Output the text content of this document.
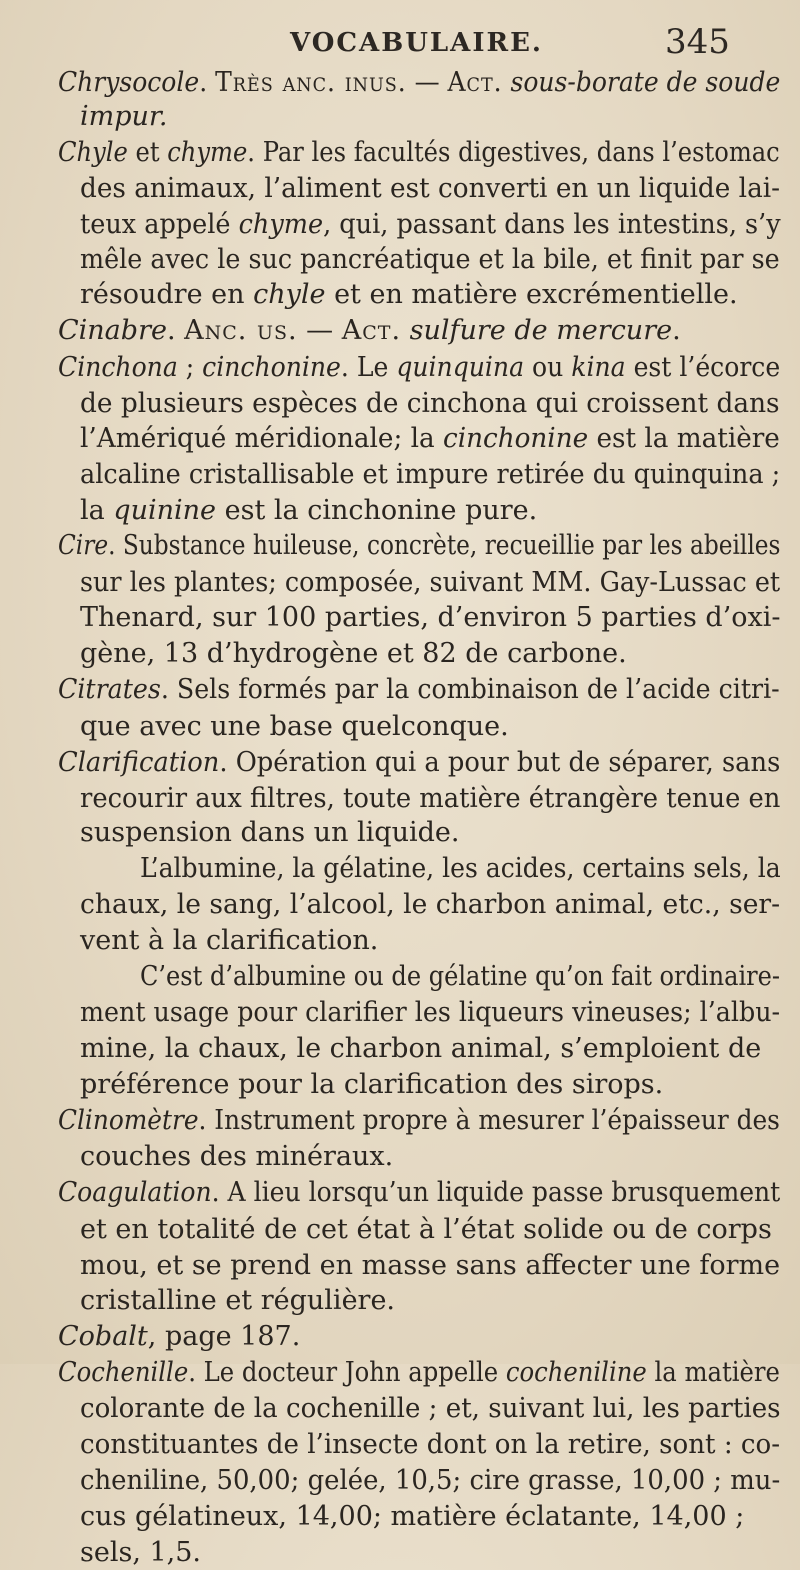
VOCABULAIRE.	345
Chrysocole. Très anc. inus. — Act. sous-borate de soude
impur.
Chyle et chyme. Par les facultés digestives, dans l’estomac
des animaux, l’aliment est converti en un liquide lai-
teux appelé chyme, qui, passant dans les intestins, s’y
mêle avec le suc pancréatique et la bile, et finit par se
résoudre en chyle et en matière excrémentielle.
Cinabre. Anc. us. — Act. sulfure de mercure.
Cinchona ; cinchonine. Le quinquina ou kina est l’écorce
de plusieurs espèces de cinchona qui croissent dans
l’Amériqué méridionale; la cinchonine est la matière
alcaline cristallisable et impure retirée du quinquina ;
la quinine est la cinchonine pure.
Cire. Substance huileuse, concrète, recueillie par les abeilles
sur les plantes; composée, suivant MM. Gay-Lussac et
Thenard, sur 100 parties, d’environ 5 parties d’oxi-
gène, 13 d’hydrogène et 82 de carbone.
Citrates. Sels formés par la combinaison de l’acide citri-
que avec une base quelconque.
Clarification. Opération qui a pour but de séparer, sans
recourir aux filtres, toute matière étrangère tenue en
suspension dans un liquide.
L’albumine, la gélatine, les acides, certains sels, la
chaux, le sang, l’alcool, le charbon animal, etc., ser-
vent à la clarification.
C’est d’albumine ou de gélatine qu’on fait ordinaire-
ment usage pour clarifier les liqueurs vineuses; l’albu-
mine, la chaux, le charbon animal, s’emploient de
préférence pour la clarification des sirops.
Clinomètre. Instrument propre à mesurer l’épaisseur des
couches des minéraux.
Coagulation. A lieu lorsqu’un liquide passe brusquement
et en totalité de cet état à l’état solide ou de corps
mou, et se prend en masse sans affecter une forme
cristalline et régulière.
Cobalt, page 187.
Cochenille. Le docteur John appelle cocheniline la matière
colorante de la cochenille ; et, suivant lui, les parties
constituantes de l’insecte dont on la retire, sont : co-
cheniline, 50,00; gelée, 10,5; cire grasse, 10,00 ; mu-
cus gélatineux, 14,00; matière éclatante, 14,00 ;
sels, 1,5.
